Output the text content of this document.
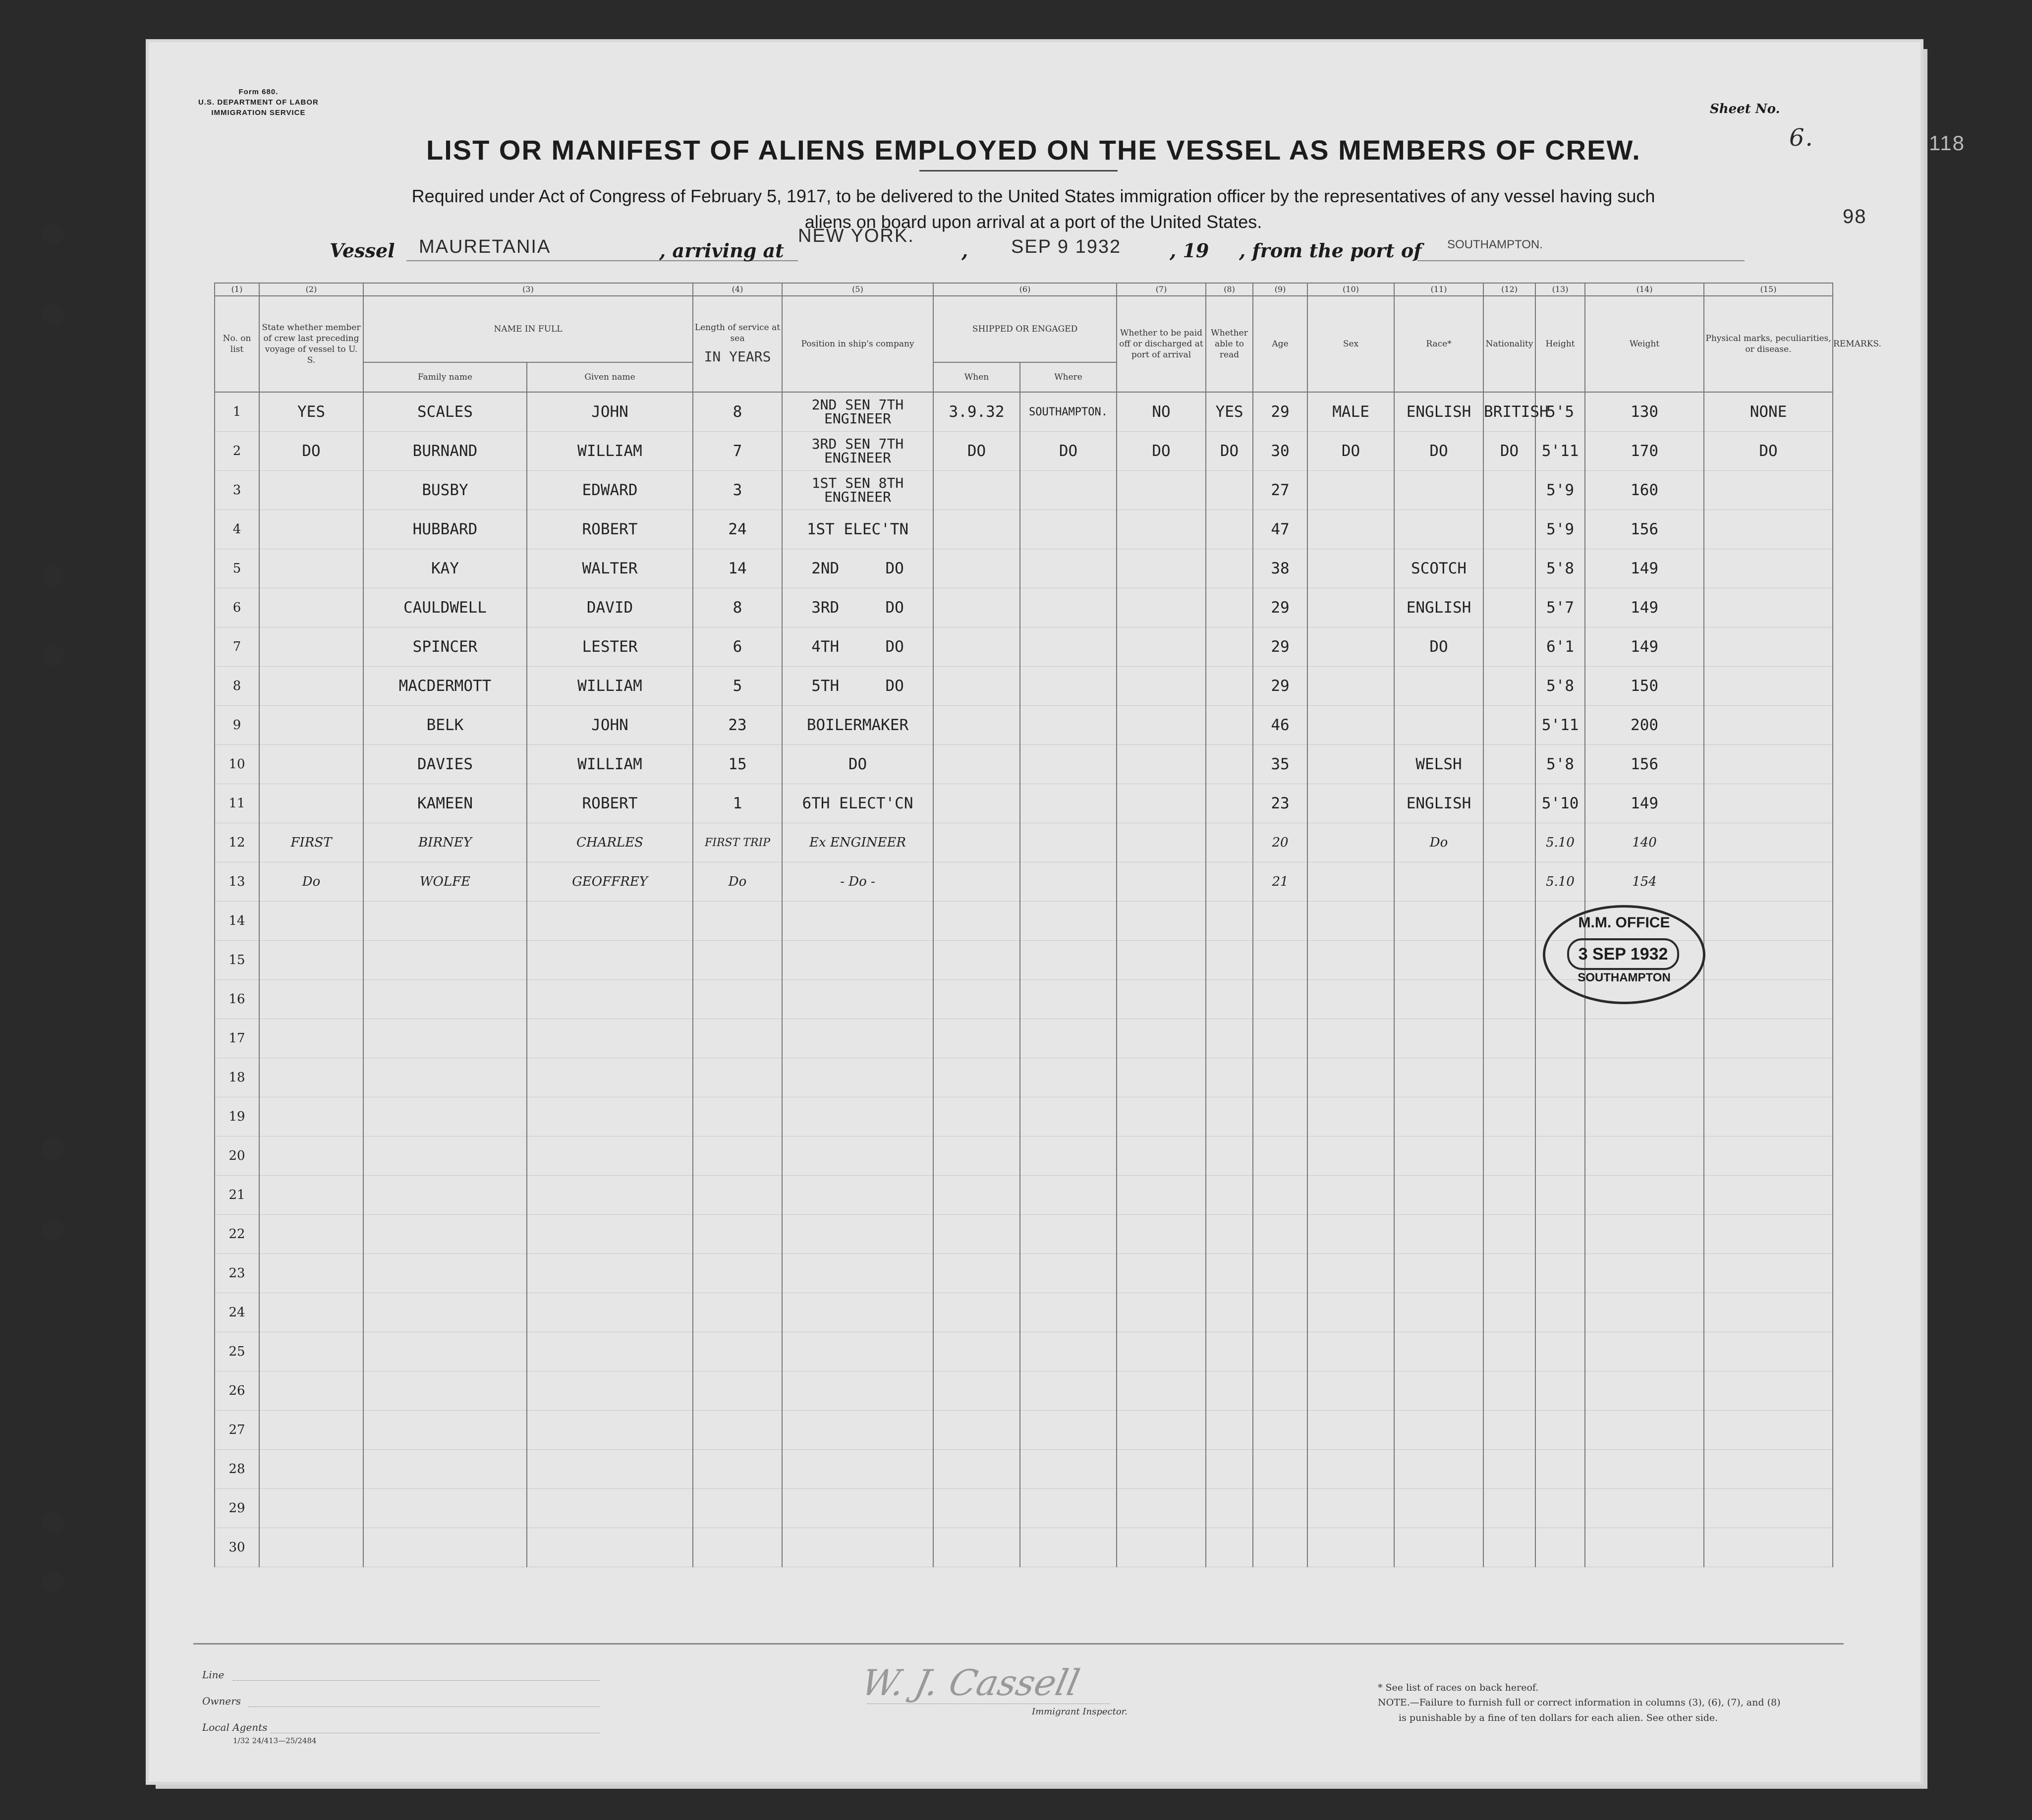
Form 680.
U.S. DEPARTMENT OF LABOR
IMMIGRATION SERVICE	Sheet No.
6.	118
98
LIST OR MANIFEST OF ALIENS EMPLOYED ON THE VESSEL AS MEMBERS OF CREW.
Required under Act of Congress of February 5, 1917, to be delivered to the United States immigration officer by the representatives of any vessel having such
aliens on board upon arrival at a port of the United States.
Vessel MAURETANIA	, arriving at
NEW YORK.
, SEP 9 1932	, 19 , from the port of SOUTHAMPTON.
(1)	(2)	(3)		(4)	(5)	(6)		(7)	(8)	(9)	(10)	(11)	(12)	(13)	(14)	(15)	
No. on list	State whether member of crew last preceding voyage of vessel to U. S.	NAME IN FULL		Length of service at sea
IN YEARS	Position in ship's company	SHIPPED OR ENGAGED		Whether to be paid off or discharged at port of arrival	Whether able to read	Age	Sex	Race*	Nationality	Height	Weight	Physical marks, peculiarities, or disease.	REMARKS.
		Family name	Given name			When	Where										
1	YES	SCALES	JOHN	8	2ND SEN 7TH ENGINEER	3.9.32	SOUTHAMPTON.	NO	YES	29	MALE	ENGLISH	BRITISH	5'5	130	NONE	
2	DO	BURNAND	WILLIAM	7	3RD SEN 7TH ENGINEER	DO	DO	DO	DO	30	DO	DO	DO	5'11	170	DO	
3		BUSBY	EDWARD	3	1ST SEN 8TH ENGINEER					27				5'9	160		
4		HUBBARD	ROBERT	24	1ST ELEC'TN					47				5'9	156		
5		KAY	WALTER	14	2ND     DO					38		SCOTCH		5'8	149		
6		CAULDWELL	DAVID	8	3RD     DO					29		ENGLISH		5'7	149		
7		SPINCER	LESTER	6	4TH     DO					29		DO		6'1	149		
8		MACDERMOTT	WILLIAM	5	5TH     DO					29				5'8	150		
9		BELK	JOHN	23	BOILERMAKER					46				5'11	200		
10		DAVIES	WILLIAM	15	DO					35		WELSH		5'8	156		
11		KAMEEN	ROBERT	1	6TH ELECT'CN					23		ENGLISH		5'10	149		
12	FIRST	BIRNEY	CHARLES	FIRST TRIP	Ex ENGINEER					20		Do		5.10	140		
13	Do	WOLFE	GEOFFREY	Do	- Do -					21				5.10	154		
14																	
15																	
16																	
17																	
18																	
19																	
20																	
21																	
22																	
23																	
24																	
25																	
26																	
27																	
28																	
29																	
30																	
M.M. OFFICE
3 SEP 1932
SOUTHAMPTON
Line
Owners
Local Agents
1/32 24/413—25/2484
W. J. Cassell
Immigrant Inspector.
* See list of races on back hereof.
NOTE.—Failure to furnish full or correct information in columns (3), (6), (7), and (8)
is punishable by a fine of ten dollars for each alien. See other side.
